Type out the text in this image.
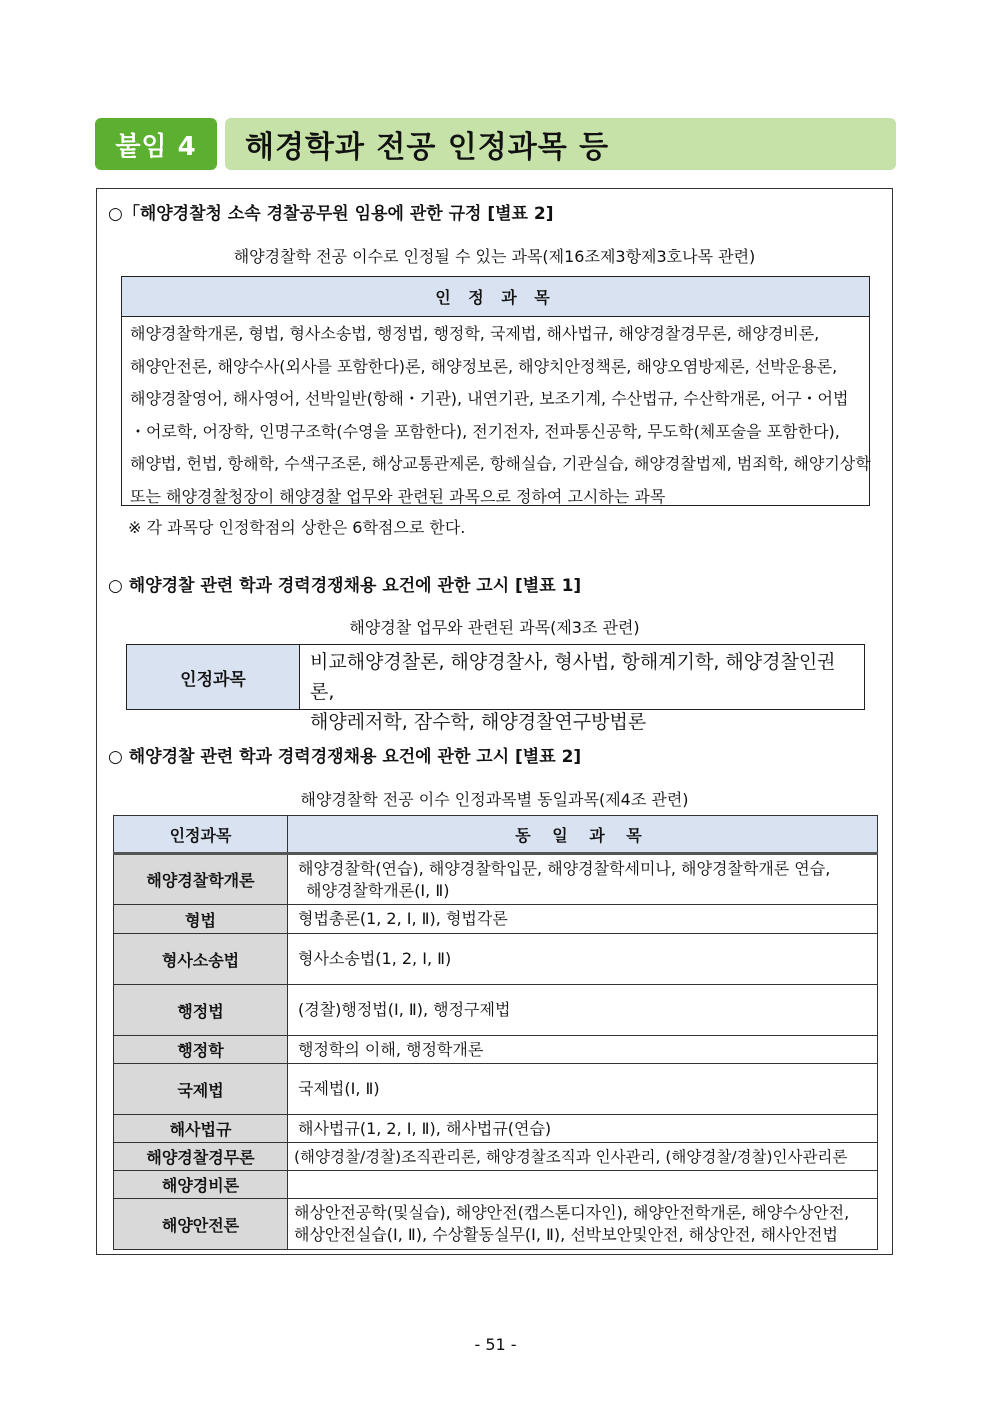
붙임 4	해경학과 전공 인정과목 등
○「해양경찰청 소속 경찰공무원 임용에 관한 규정 [별표 2]
해양경찰학 전공 이수로 인정될 수 있는 과목(제16조제3항제3호나목 관련)
인 정 과 목
해양경찰학개론, 형법, 형사소송법, 행정법, 행정학, 국제법, 해사법규, 해양경찰경무론, 해양경비론,
해양안전론, 해양수사(외사를 포함한다)론, 해양정보론, 해양치안정책론, 해양오염방제론, 선박운용론,
해양경찰영어, 해사영어, 선박일반(항해・기관), 내연기관, 보조기계, 수산법규, 수산학개론, 어구・어법
・어로학, 어장학, 인명구조학(수영을 포함한다), 전기전자, 전파통신공학, 무도학(체포술을 포함한다),
해양법, 헌법, 항해학, 수색구조론, 해상교통관제론, 항해실습, 기관실습, 해양경찰법제, 범죄학, 해양기상학
또는 해양경찰청장이 해양경찰 업무와 관련된 과목으로 정하여 고시하는 과목
※ 각 과목당 인정학점의 상한은 6학점으로 한다.
○ 해양경찰 관련 학과 경력경쟁채용 요건에 관한 고시 [별표 1]
해양경찰 업무와 관련된 과목(제3조 관련)
인정과목
비교해양경찰론, 해양경찰사, 형사법, 항해계기학, 해양경찰인권론,
해양레저학, 잠수학, 해양경찰연구방법론
○ 해양경찰 관련 학과 경력경쟁채용 요건에 관한 고시 [별표 2]
해양경찰학 전공 이수 인정과목별 동일과목(제4조 관련)
인정과목	동 일 과 목
해양경찰학개론	해양경찰학(연습), 해양경찰학입문, 해양경찰학세미나, 해양경찰학개론 연습,
해양경찰학개론(Ⅰ, Ⅱ)

형법	형법총론(1, 2, Ⅰ, Ⅱ), 형법각론
형사소송법	형사소송법(1, 2, Ⅰ, Ⅱ)
행정법	(경찰)행정법(Ⅰ, Ⅱ), 행정구제법
행정학	행정학의 이해, 행정학개론
국제법	국제법(Ⅰ, Ⅱ)
해사법규	해사법규(1, 2, Ⅰ, Ⅱ), 해사법규(연습)
해양경찰경무론	(해양경찰/경찰)조직관리론, 해양경찰조직과 인사관리, (해양경찰/경찰)인사관리론
해양경비론	
해양안전론	해상안전공학(및실습), 해양안전(캡스톤디자인), 해양안전학개론, 해양수상안전,
해상안전실습(Ⅰ, Ⅱ), 수상활동실무(Ⅰ, Ⅱ), 선박보안및안전, 해상안전, 해사안전법
- 51 -
